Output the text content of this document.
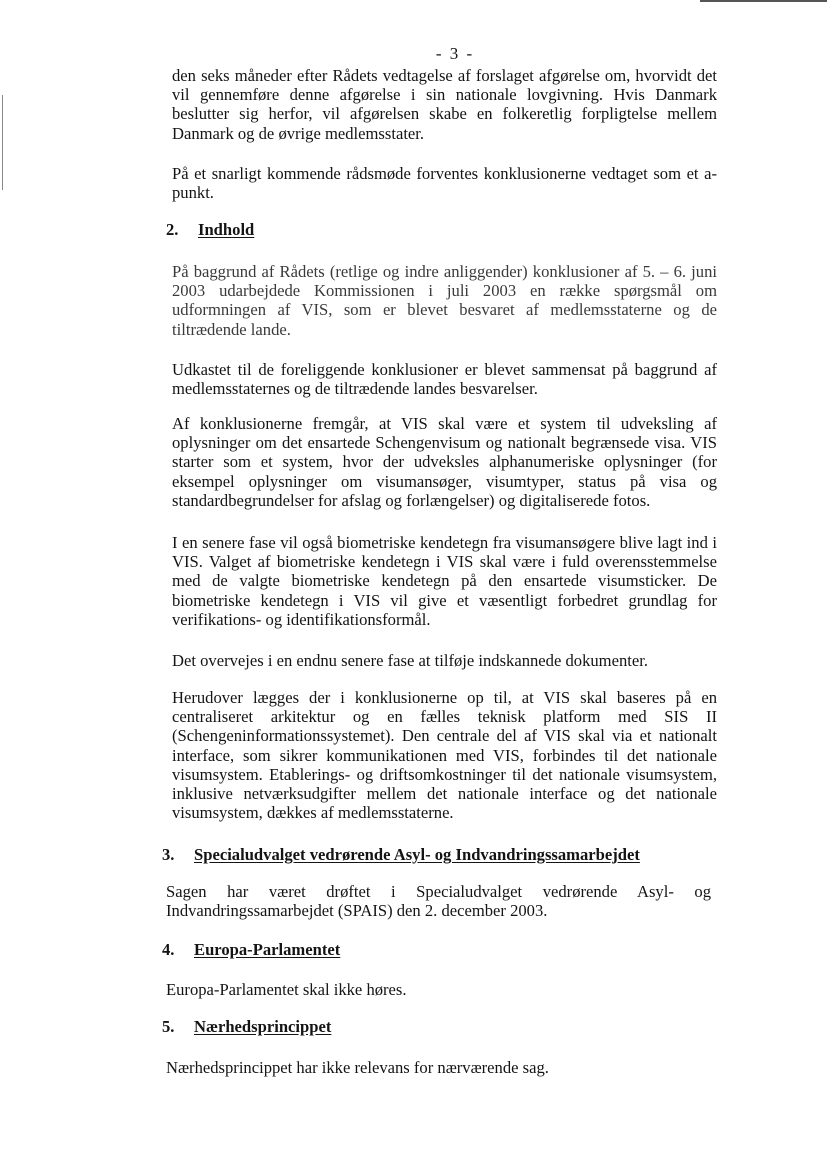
- 3 -
den seks måneder efter Rådets vedtagelse af forslaget afgørelse om, hvorvidt det vil gennemføre denne afgørelse i sin nationale lovgivning. Hvis Danmark beslutter sig herfor, vil afgørelsen skabe en folkeretlig forpligtelse mellem Danmark og de øvrige medlemsstater.
På et snarligt kommende rådsmøde forventes konklusionerne vedtaget som et a-punkt.
2. Indhold
På baggrund af Rådets (retlige og indre anliggender) konklusioner af 5. – 6. juni 2003 udarbejdede Kommissionen i juli 2003 en række spørgsmål om udformningen af VIS, som er blevet besvaret af medlemsstaterne og de tiltrædende lande.
Udkastet til de foreliggende konklusioner er blevet sammensat på baggrund af medlemsstaternes og de tiltrædende landes besvarelser.
Af konklusionerne fremgår, at VIS skal være et system til udveksling af oplysninger om det ensartede Schengenvisum og nationalt begrænsede visa. VIS starter som et system, hvor der udveksles alphanumeriske oplysninger (for eksempel oplysninger om visumansøger, visumtyper, status på visa og standardbegrundelser for afslag og forlængelser) og digitaliserede fotos.
I en senere fase vil også biometriske kendetegn fra visumansøgere blive lagt ind i VIS. Valget af biometriske kendetegn i VIS skal være i fuld overensstemmelse med de valgte biometriske kendetegn på den ensartede visumsticker. De biometriske kendetegn i VIS vil give et væsentligt forbedret grundlag for verifikations- og identifikationsformål.
Det overvejes i en endnu senere fase at tilføje indskannede dokumenter.
Herudover lægges der i konklusionerne op til, at VIS skal baseres på en centraliseret arkitektur og en fælles teknisk platform med SIS II (Schengeninformationssystemet). Den centrale del af VIS skal via et nationalt interface, som sikrer kommunikationen med VIS, forbindes til det nationale visumsystem. Etablerings- og driftsomkostninger til det nationale visumsystem, inklusive netværksudgifter mellem det nationale interface og det nationale visumsystem, dækkes af medlemsstaterne.
3. Specialudvalget vedrørende Asyl- og Indvandringssamarbejdet
Sagen har været drøftet i Specialudvalget vedrørende Asyl- og Indvandringssamarbejdet (SPAIS) den 2. december 2003.
4. Europa-Parlamentet
Europa-Parlamentet skal ikke høres.
5. Nærhedsprincippet
Nærhedsprincippet har ikke relevans for nærværende sag.
